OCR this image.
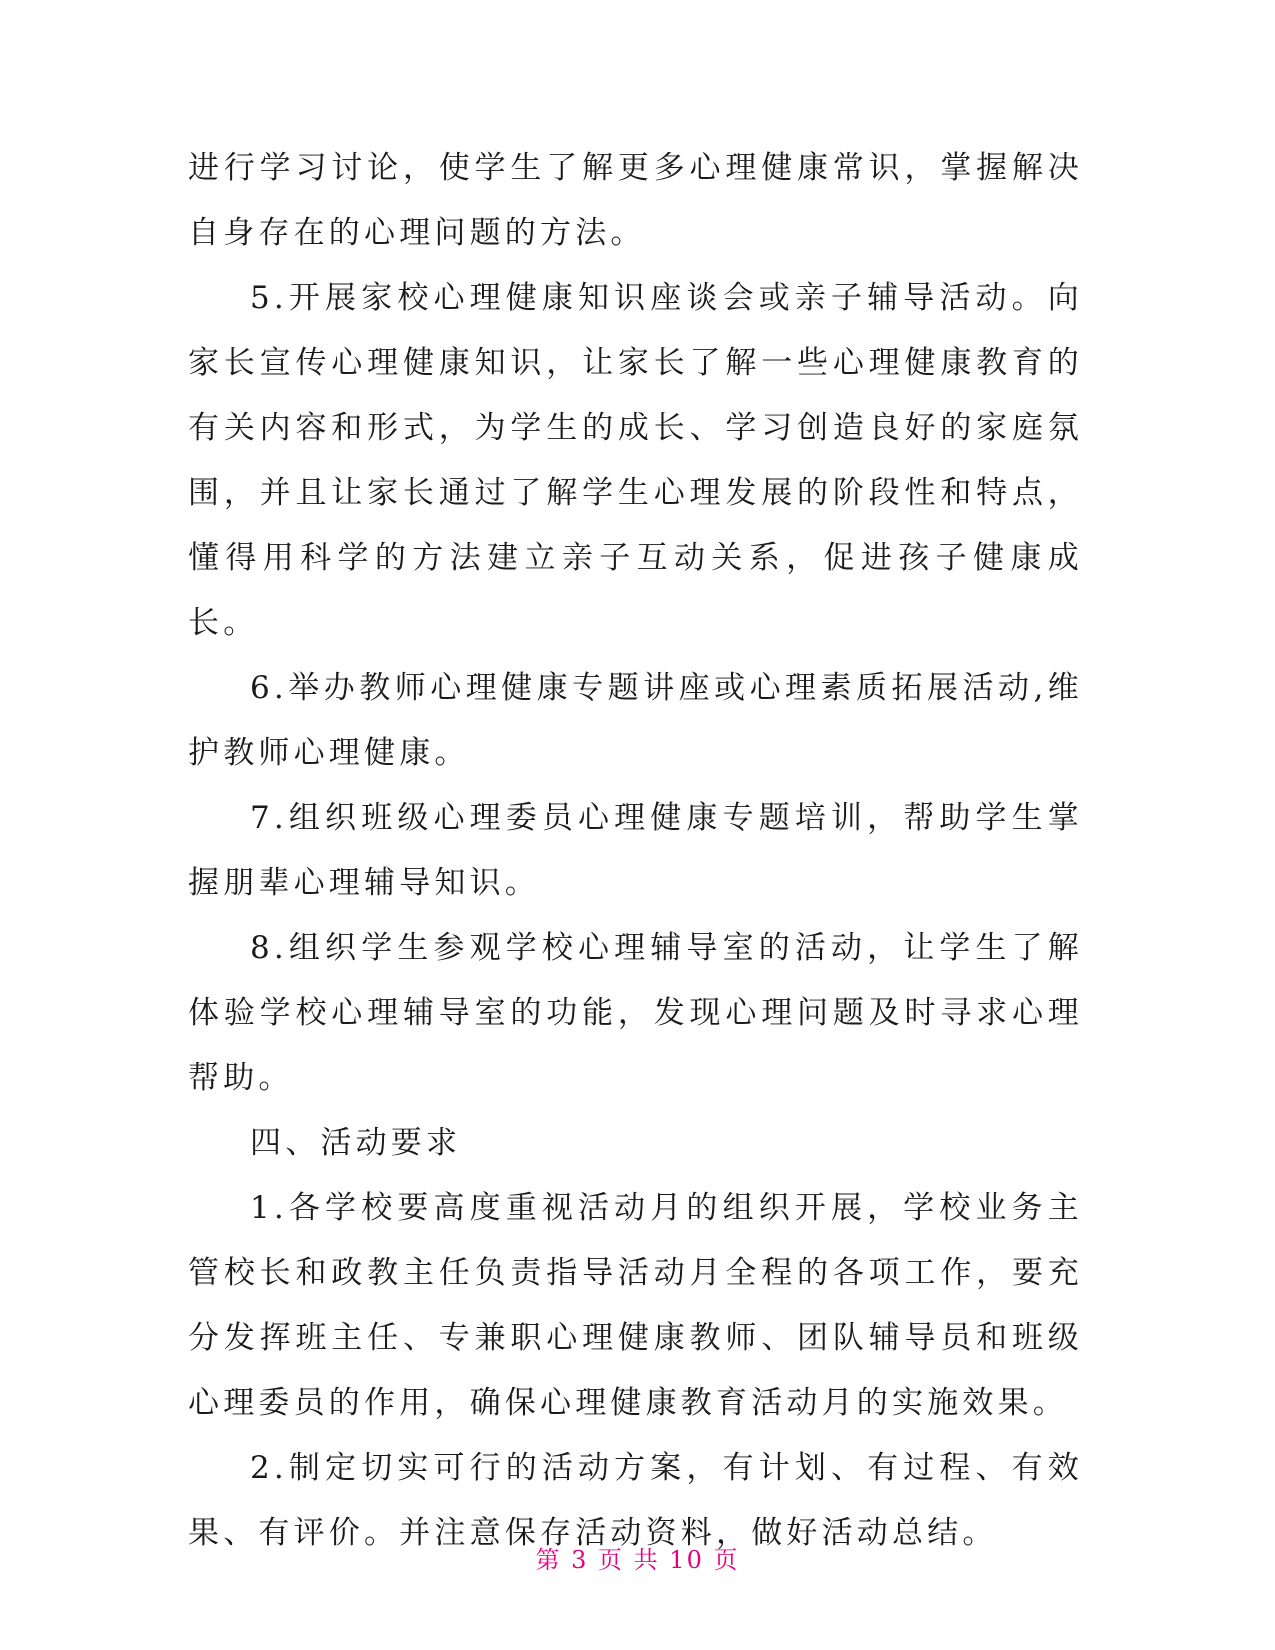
进行学习讨论，使学生了解更多心理健康常识，掌握解决自身存在的心理问题的方法。

5.开展家校心理健康知识座谈会或亲子辅导活动。向家长宣传心理健康知识，让家长了解一些心理健康教育的有关内容和形式，为学生的成长、学习创造良好的家庭氛围，并且让家长通过了解学生心理发展的阶段性和特点，懂得用科学的方法建立亲子互动关系，促进孩子健康成长。

6.举办教师心理健康专题讲座或心理素质拓展活动,维护教师心理健康。

7.组织班级心理委员心理健康专题培训，帮助学生掌握朋辈心理辅导知识。

8.组织学生参观学校心理辅导室的活动，让学生了解体验学校心理辅导室的功能，发现心理问题及时寻求心理帮助。

四、活动要求

1.各学校要高度重视活动月的组织开展，学校业务主管校长和政教主任负责指导活动月全程的各项工作，要充分发挥班主任、专兼职心理健康教师、团队辅导员和班级心理委员的作用，确保心理健康教育活动月的实施效果。

2.制定切实可行的活动方案，有计划、有过程、有效果、有评价。并注意保存活动资料，做好活动总结。

第 3 页 共 10 页
